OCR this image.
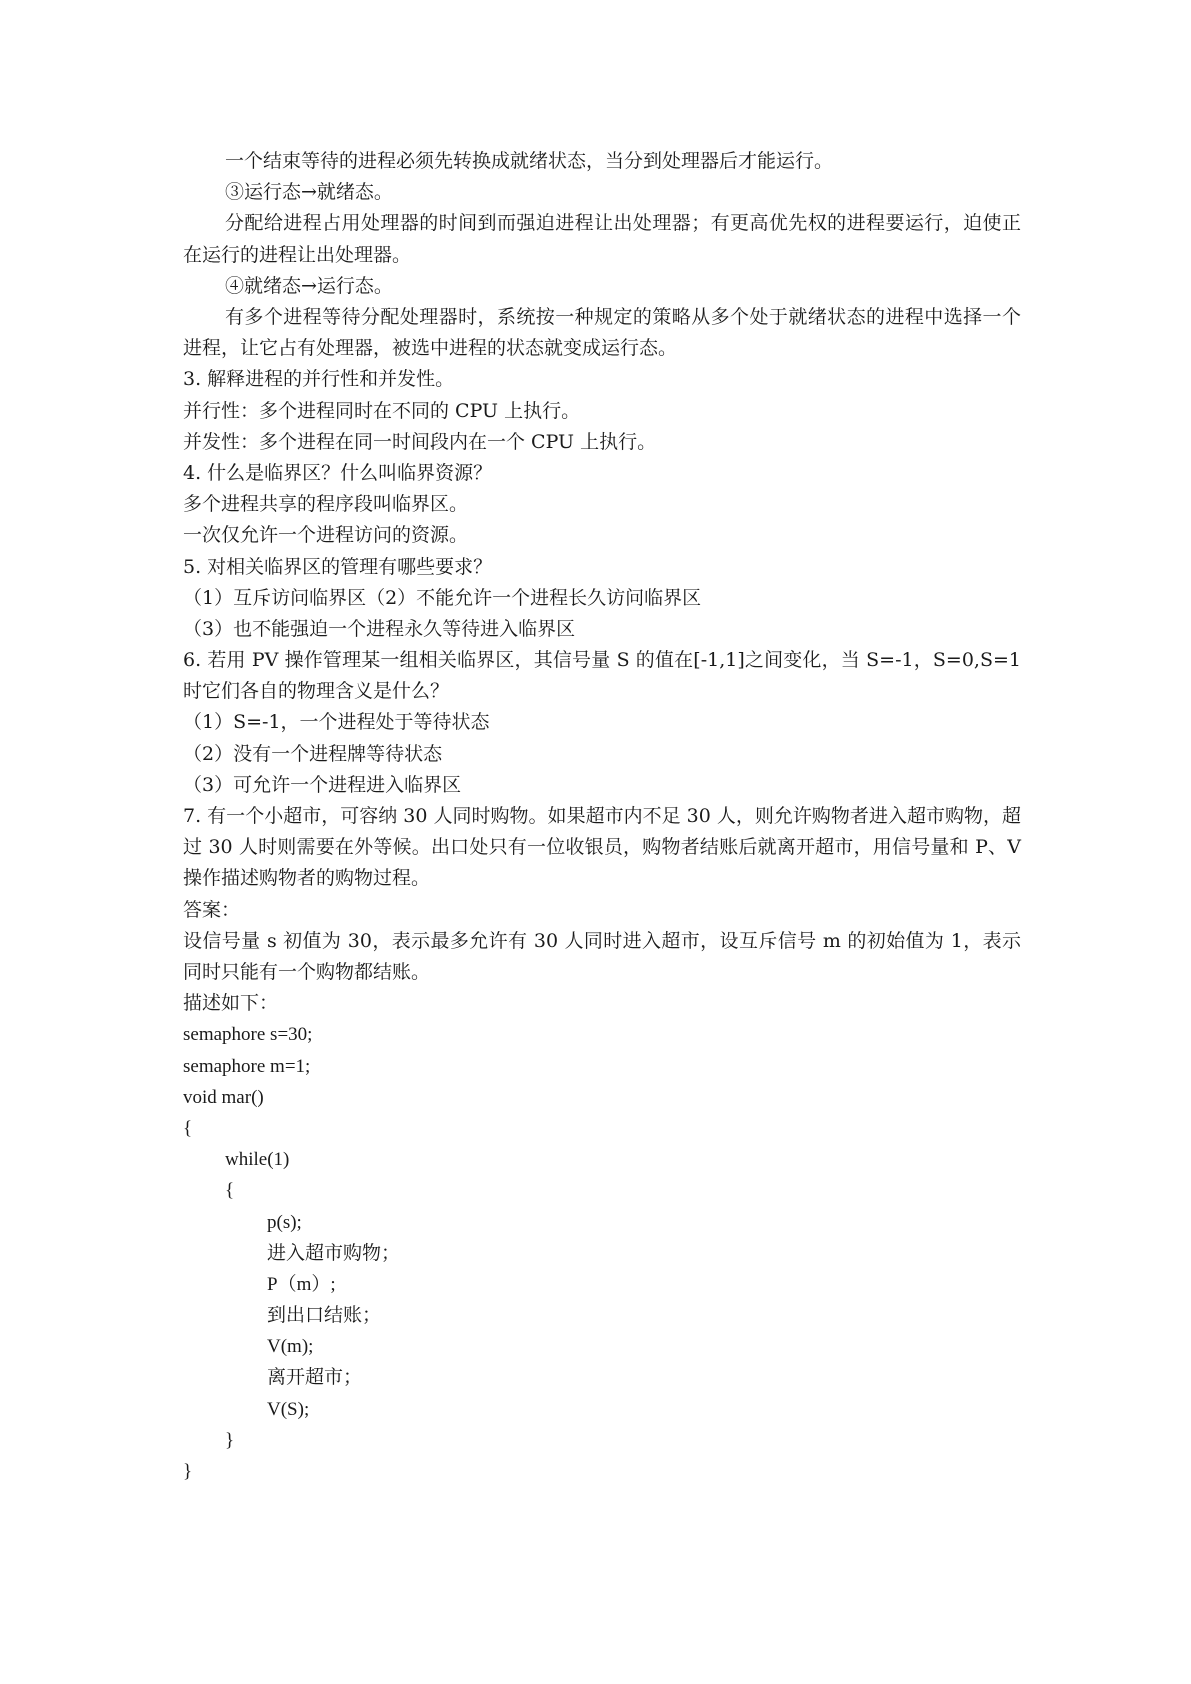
一个结束等待的进程必须先转换成就绪状态，当分到处理器后才能运行。
③运行态→就绪态。
分配给进程占用处理器的时间到而强迫进程让出处理器；有更高优先权的进程要运行，迫使正在运行的进程让出处理器。
④就绪态→运行态。
有多个进程等待分配处理器时，系统按一种规定的策略从多个处于就绪状态的进程中选择一个进程，让它占有处理器，被选中进程的状态就变成运行态。
3. 解释进程的并行性和并发性。
并行性：多个进程同时在不同的 CPU 上执行。
并发性：多个进程在同一时间段内在一个 CPU 上执行。
4. 什么是临界区？什么叫临界资源？
多个进程共享的程序段叫临界区。
一次仅允许一个进程访问的资源。
5. 对相关临界区的管理有哪些要求？
（1）互斥访问临界区（2）不能允许一个进程长久访问临界区
（3）也不能强迫一个进程永久等待进入临界区
6. 若用 PV 操作管理某一组相关临界区，其信号量 S 的值在[-1,1]之间变化，当 S=-1，S=0,S=1 时它们各自的物理含义是什么？
（1）S=-1，一个进程处于等待状态
（2）没有一个进程牌等待状态
（3）可允许一个进程进入临界区
7. 有一个小超市，可容纳 30 人同时购物。如果超市内不足 30 人，则允许购物者进入超市购物，超过 30 人时则需要在外等候。出口处只有一位收银员，购物者结账后就离开超市，用信号量和 P、V 操作描述购物者的购物过程。
答案：
设信号量 s 初值为 30，表示最多允许有 30 人同时进入超市，设互斥信号 m 的初始值为 1，表示同时只能有一个购物都结账。
描述如下：
semaphore s=30;
semaphore m=1;
void mar()
{
while(1)
{
p(s);
进入超市购物；
P（m）;
到出口结账；
V(m);
离开超市；
V(S);
}
}
